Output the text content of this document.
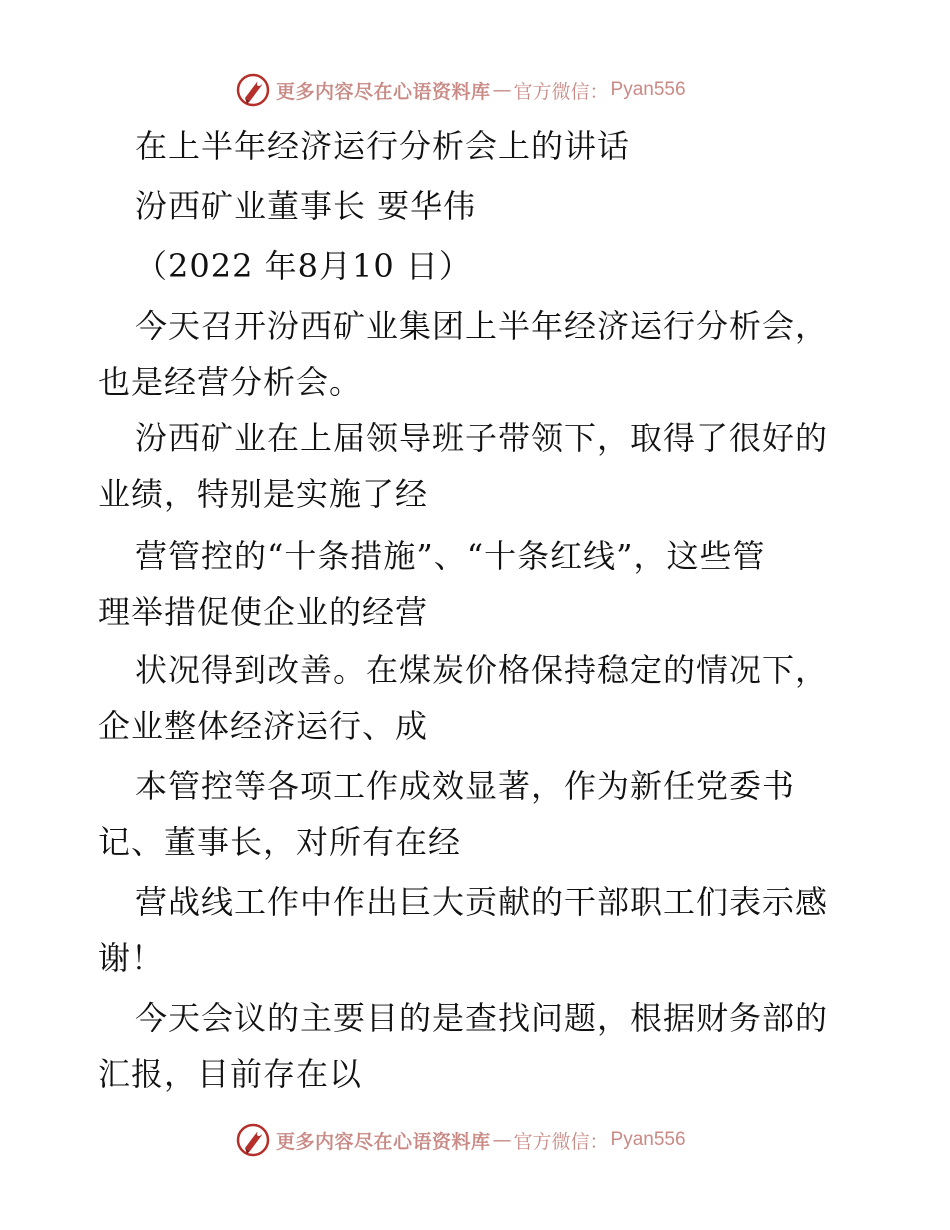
更多内容尽在心语资料库 — 官方微信： Pyan556
在上半年经济运行分析会上的讲话
汾西矿业董事长 要华伟
（2022 年8月10 日）
今天召开汾西矿业集团上半年经济运行分析会，
也是经营分析会。
汾西矿业在上届领导班子带领下，取得了很好的
业绩，特别是实施了经
营管控的“十条措施”、“十条红线”，这些管
理举措促使企业的经营
状况得到改善。在煤炭价格保持稳定的情况下，
企业整体经济运行、成
本管控等各项工作成效显著，作为新任党委书
记、董事长，对所有在经
营战线工作中作出巨大贡献的干部职工们表示感
谢！
今天会议的主要目的是查找问题，根据财务部的
汇报，目前存在以
更多内容尽在心语资料库 — 官方微信： Pyan556
